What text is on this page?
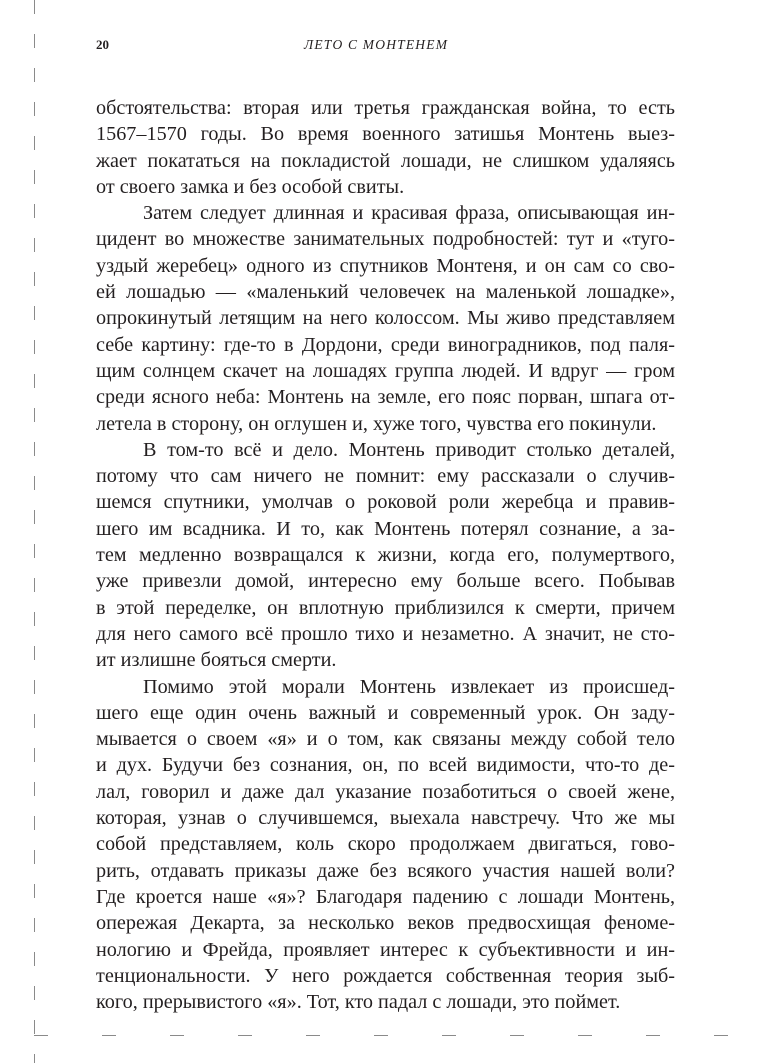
20	ЛЕТО С МОНТЕНЕМ
обстоятельства: вторая или третья гражданская война, то есть
1567–1570 годы. Во время военного затишья Монтень выез-
жает покататься на покладистой лошади, не слишком удаляясь
от своего замка и без особой свиты.
Затем следует длинная и красивая фраза, описывающая ин-
цидент во множестве занимательных подробностей: тут и «туго-
уздый жеребец» одного из спутников Монтеня, и он сам со сво-
ей лошадью — «маленький человечек на маленькой лошадке»,
опрокинутый летящим на него колоссом. Мы живо представляем
себе картину: где-то в Дордони, среди виноградников, под паля-
щим солнцем скачет на лошадях группа людей. И вдруг — гром
среди ясного неба: Монтень на земле, его пояс порван, шпага от-
летела в сторону, он оглушен и, хуже того, чувства его покинули.
В том-то всё и дело. Монтень приводит столько деталей,
потому что сам ничего не помнит: ему рассказали о случив-
шемся спутники, умолчав о роковой роли жеребца и правив-
шего им всадника. И то, как Монтень потерял сознание, а за-
тем медленно возвращался к жизни, когда его, полумертвого,
уже привезли домой, интересно ему больше всего. Побывав
в этой переделке, он вплотную приблизился к смерти, причем
для него самого всё прошло тихо и незаметно. А значит, не сто-
ит излишне бояться смерти.
Помимо этой морали Монтень извлекает из происшед-
шего еще один очень важный и современный урок. Он заду-
мывается о своем «я» и о том, как связаны между собой тело
и дух. Будучи без сознания, он, по всей видимости, что-то де-
лал, говорил и даже дал указание позаботиться о своей жене,
которая, узнав о случившемся, выехала навстречу. Что же мы
собой представляем, коль скоро продолжаем двигаться, гово-
рить, отдавать приказы даже без всякого участия нашей воли?
Где кроется наше «я»? Благодаря падению с лошади Монтень,
опережая Декарта, за несколько веков предвосхищая феноме-
нологию и Фрейда, проявляет интерес к субъективности и ин-
тенциональности. У него рождается собственная теория зыб-
кого, прерывистого «я». Тот, кто падал с лошади, это поймет.
